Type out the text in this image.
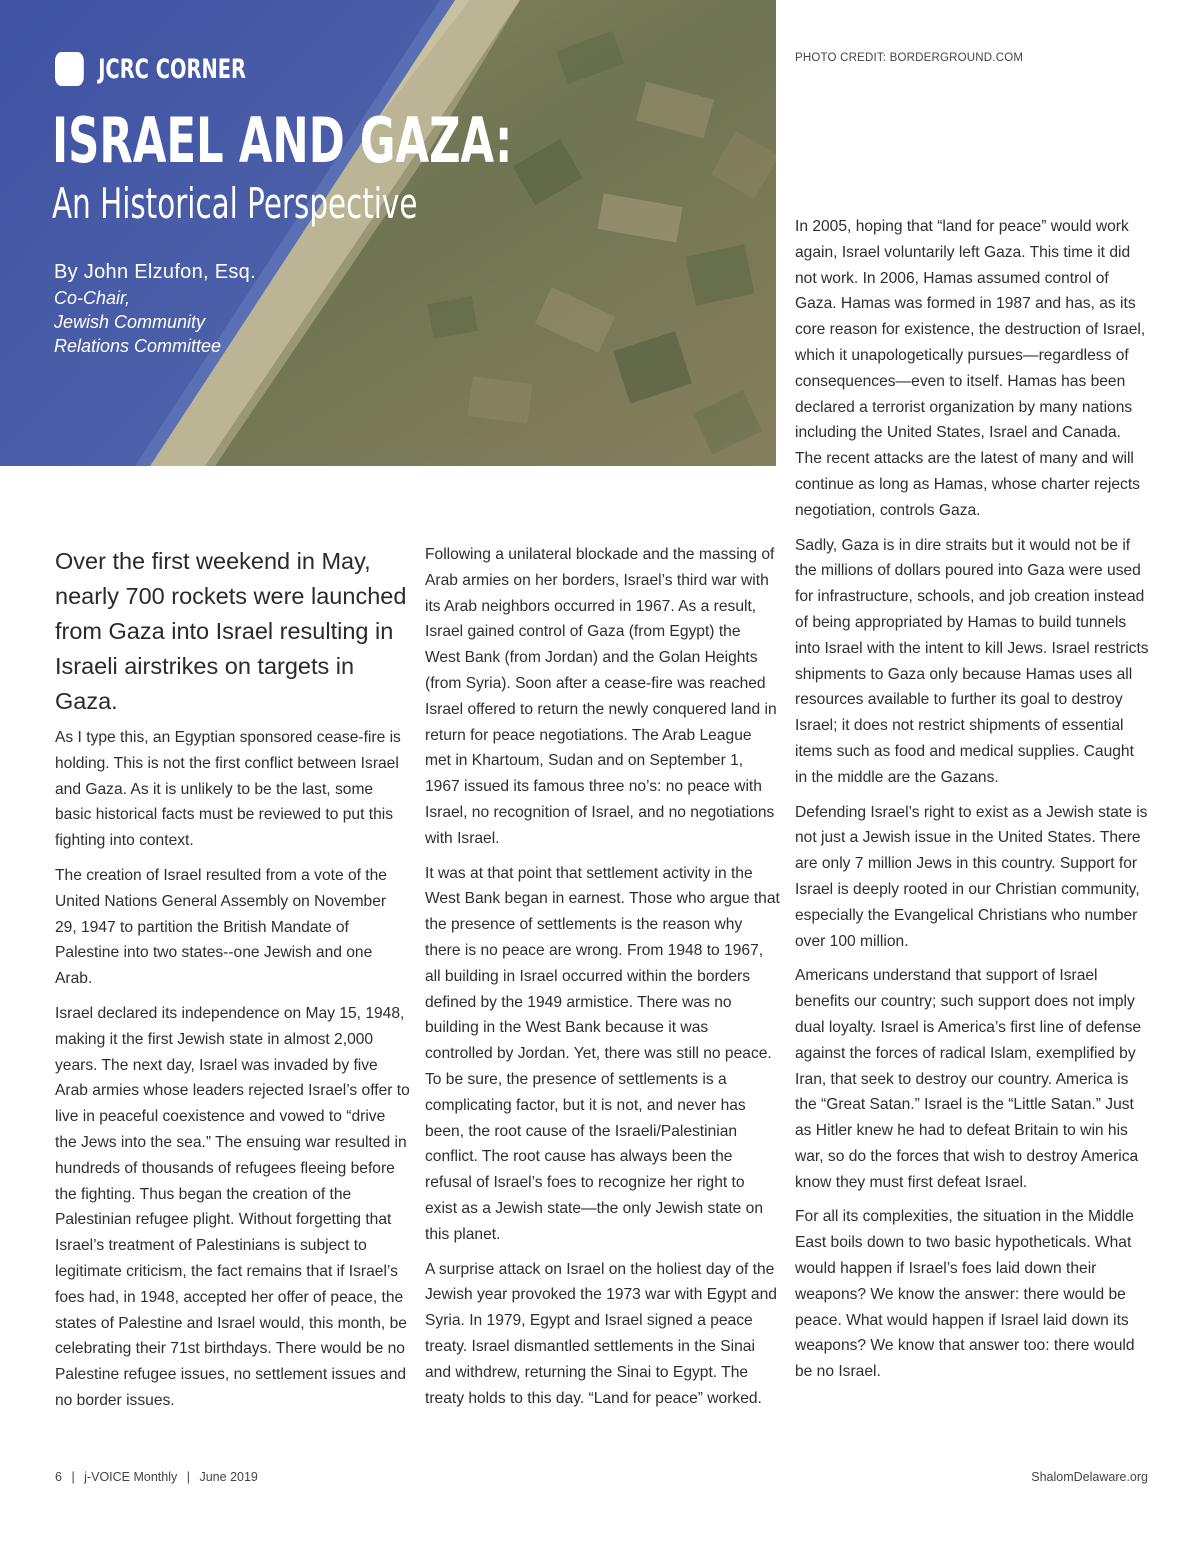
JCRC CORNER
ISRAEL AND GAZA:
An Historical Perspective
By John Elzufon, Esq.
Co-Chair,
Jewish Community
Relations Committee
PHOTO CREDIT: BORDERGROUND.COM

Over the first weekend in May, nearly 700 rockets were launched from Gaza into Israel resulting in Israeli airstrikes on targets in Gaza.

As I type this, an Egyptian sponsored cease-fire is holding. This is not the first conflict between Israel and Gaza. As it is unlikely to be the last, some basic historical facts must be reviewed to put this fighting into context.

The creation of Israel resulted from a vote of the United Nations General Assembly on November 29, 1947 to partition the British Mandate of Palestine into two states--one Jewish and one Arab.

Israel declared its independence on May 15, 1948, making it the first Jewish state in almost 2,000 years. The next day, Israel was invaded by five Arab armies whose leaders rejected Israel’s offer to live in peaceful coexistence and vowed to “drive the Jews into the sea.” The ensuing war resulted in hundreds of thousands of refugees fleeing before the fighting. Thus began the creation of the Palestinian refugee plight. Without forgetting that Israel’s treatment of Palestinians is subject to legitimate criticism, the fact remains that if Israel’s foes had, in 1948, accepted her offer of peace, the states of Palestine and Israel would, this month, be celebrating their 71st birthdays. There would be no Palestine refugee issues, no settlement issues and no border issues.

Following a unilateral blockade and the massing of Arab armies on her borders, Israel’s third war with its Arab neighbors occurred in 1967. As a result, Israel gained control of Gaza (from Egypt) the West Bank (from Jordan) and the Golan Heights (from Syria). Soon after a cease-fire was reached Israel offered to return the newly conquered land in return for peace negotiations. The Arab League met in Khartoum, Sudan and on September 1, 1967 issued its famous three no’s: no peace with Israel, no recognition of Israel, and no negotiations with Israel.

It was at that point that settlement activity in the West Bank began in earnest. Those who argue that the presence of settlements is the reason why there is no peace are wrong. From 1948 to 1967, all building in Israel occurred within the borders defined by the 1949 armistice. There was no building in the West Bank because it was controlled by Jordan. Yet, there was still no peace. To be sure, the presence of settlements is a complicating factor, but it is not, and never has been, the root cause of the Israeli/Palestinian conflict. The root cause has always been the refusal of Israel’s foes to recognize her right to exist as a Jewish state—the only Jewish state on this planet.

A surprise attack on Israel on the holiest day of the Jewish year provoked the 1973 war with Egypt and Syria. In 1979, Egypt and Israel signed a peace treaty. Israel dismantled settlements in the Sinai and withdrew, returning the Sinai to Egypt. The treaty holds to this day. “Land for peace” worked.

In 2005, hoping that “land for peace” would work again, Israel voluntarily left Gaza. This time it did not work. In 2006, Hamas assumed control of Gaza. Hamas was formed in 1987 and has, as its core reason for existence, the destruction of Israel, which it unapologetically pursues—regardless of consequences—even to itself. Hamas has been declared a terrorist organization by many nations including the United States, Israel and Canada. The recent attacks are the latest of many and will continue as long as Hamas, whose charter rejects negotiation, controls Gaza.

Sadly, Gaza is in dire straits but it would not be if the millions of dollars poured into Gaza were used for infrastructure, schools, and job creation instead of being appropriated by Hamas to build tunnels into Israel with the intent to kill Jews. Israel restricts shipments to Gaza only because Hamas uses all resources available to further its goal to destroy Israel; it does not restrict shipments of essential items such as food and medical supplies. Caught in the middle are the Gazans.

Defending Israel’s right to exist as a Jewish state is not just a Jewish issue in the United States. There are only 7 million Jews in this country. Support for Israel is deeply rooted in our Christian community, especially the Evangelical Christians who number over 100 million.

Americans understand that support of Israel benefits our country; such support does not imply dual loyalty. Israel is America’s first line of defense against the forces of radical Islam, exemplified by Iran, that seek to destroy our country. America is the “Great Satan.” Israel is the “Little Satan.” Just as Hitler knew he had to defeat Britain to win his war, so do the forces that wish to destroy America know they must first defeat Israel.

For all its complexities, the situation in the Middle East boils down to two basic hypotheticals. What would happen if Israel’s foes laid down their weapons? We know the answer: there would be peace. What would happen if Israel laid down its weapons? We know that answer too: there would be no Israel.

6 | j-VOICE Monthly | June 2019	ShalomDelaware.org
